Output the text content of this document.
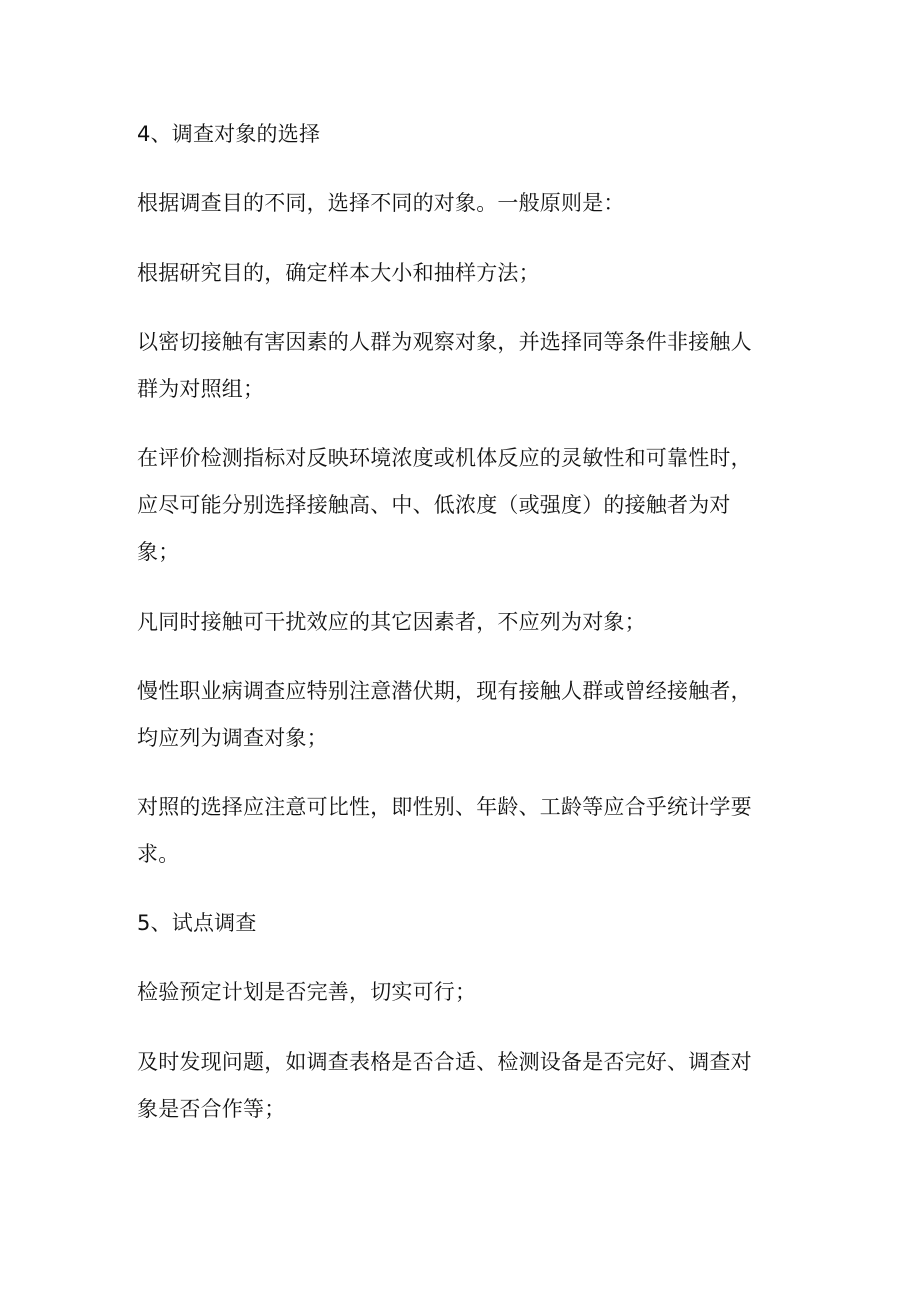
4、调查对象的选择

根据调查目的不同，选择不同的对象。一般原则是：

根据研究目的，确定样本大小和抽样方法；

以密切接触有害因素的人群为观察对象，并选择同等条件非接触人

群为对照组；

在评价检测指标对反映环境浓度或机体反应的灵敏性和可靠性时，

应尽可能分别选择接触高、中、低浓度（或强度）的接触者为对

象；

凡同时接触可干扰效应的其它因素者，不应列为对象；

慢性职业病调查应特别注意潜伏期，现有接触人群或曾经接触者，

均应列为调查对象；

对照的选择应注意可比性，即性别、年龄、工龄等应合乎统计学要

求。

5、试点调查

检验预定计划是否完善，切实可行；

及时发现问题，如调查表格是否合适、检测设备是否完好、调查对

象是否合作等；
